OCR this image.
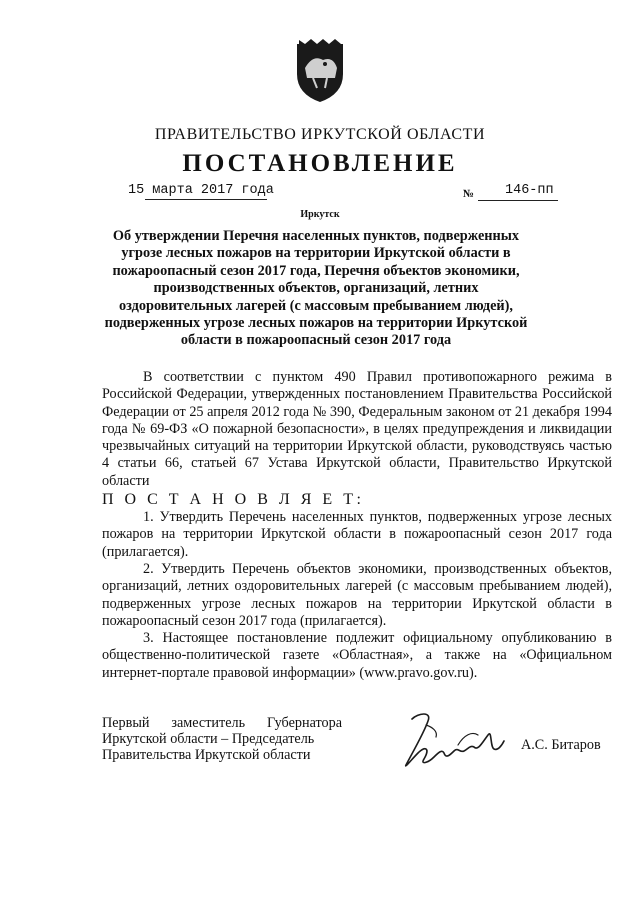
ПРАВИТЕЛЬСТВО ИРКУТСКОЙ ОБЛАСТИ
ПОСТАНОВЛЕНИЕ
15 марта 2017 года	№ 146-пп
Иркутск
Об утверждении Перечня населенных пунктов, подверженных угрозе лесных пожаров на территории Иркутской области в пожароопасный сезон 2017 года, Перечня объектов экономики, производственных объектов, организаций, летних оздоровительных лагерей (с массовым пребыванием людей), подверженных угрозе лесных пожаров на территории Иркутской области в пожароопасный сезон 2017 года

В соответствии с пунктом 490 Правил противопожарного режима в Российской Федерации, утвержденных постановлением Правительства Российской Федерации от 25 апреля 2012 года № 390, Федеральным законом от 21 декабря 1994 года № 69-ФЗ «О пожарной безопасности», в целях предупреждения и ликвидации чрезвычайных ситуаций на территории Иркутской области, руководствуясь частью 4 статьи 66, статьей 67 Устава Иркутской области, Правительство Иркутской области

П О С Т А Н О В Л Я Е Т:

1. Утвердить Перечень населенных пунктов, подверженных угрозе лесных пожаров на территории Иркутской области в пожароопасный сезон 2017 года (прилагается).

2. Утвердить Перечень объектов экономики, производственных объектов, организаций, летних оздоровительных лагерей (с массовым пребыванием людей), подверженных угрозе лесных пожаров на территории Иркутской области в пожароопасный сезон 2017 года (прилагается).

3. Настоящее постановление подлежит официальному опубликованию в общественно-политической газете «Областная», а также на «Официальном интернет-портале правовой информации» (www.pravo.gov.ru).

Первый заместитель Губернатора
Иркутской области – Председатель
Правительства Иркутской области
А.С. Битаров
